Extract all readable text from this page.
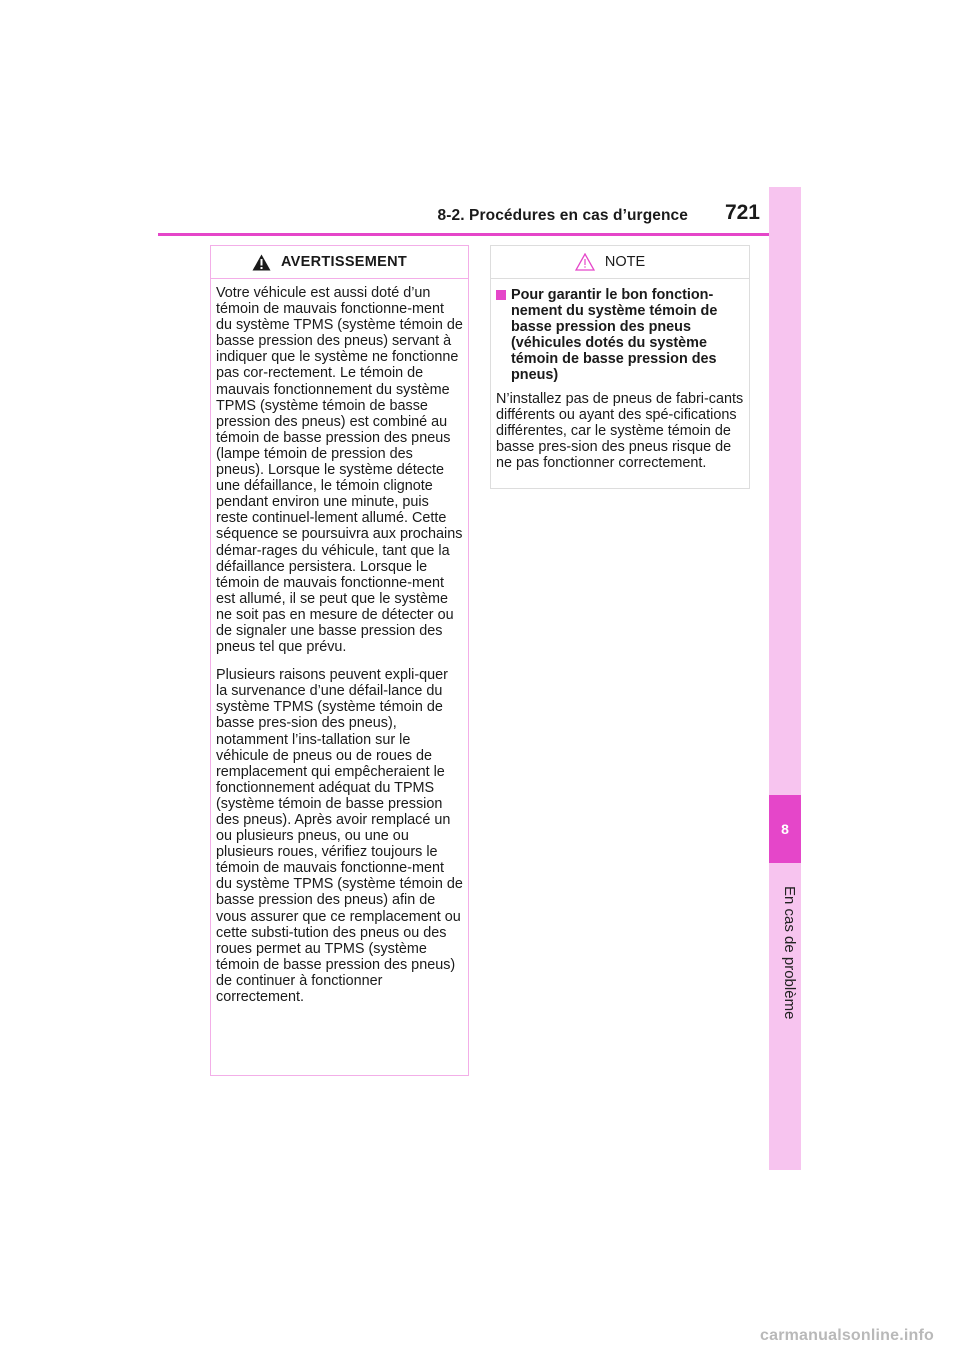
8
En cas de problème
8-2. Procédures en cas d’urgence	721
AVERTISSEMENT

Votre véhicule est aussi doté d’un témoin de mauvais fonctionne-ment du système TPMS (système témoin de basse pression des pneus) servant à indiquer que le système ne fonctionne pas cor-rectement. Le témoin de mauvais fonctionnement du système TPMS (système témoin de basse pression des pneus) est combiné au témoin de basse pression des pneus (lampe témoin de pression des pneus). Lorsque le système détecte une défaillance, le témoin clignote pendant environ une minute, puis reste continuel-lement allumé. Cette séquence se poursuivra aux prochains démar-rages du véhicule, tant que la défaillance persistera. Lorsque le témoin de mauvais fonctionne-ment est allumé, il se peut que le système ne soit pas en mesure de détecter ou de signaler une basse pression des pneus tel que prévu.

Plusieurs raisons peuvent expli-quer la survenance d’une défail-lance du système TPMS (système témoin de basse pres-sion des pneus), notamment l’ins-tallation sur le véhicule de pneus ou de roues de remplacement qui empêcheraient le fonctionnement adéquat du TPMS (système témoin de basse pression des pneus). Après avoir remplacé un ou plusieurs pneus, ou une ou plusieurs roues, vérifiez toujours le témoin de mauvais fonctionne-ment du système TPMS (système témoin de basse pression des pneus) afin de vous assurer que ce remplacement ou cette substi-tution des pneus ou des roues permet au TPMS (système témoin de basse pression des pneus) de continuer à fonctionner correctement.

NOTE
Pour garantir le bon fonction-nement du système témoin de basse pression des pneus (véhicules dotés du système témoin de basse pression des pneus)

N’installez pas de pneus de fabri-cants différents ou ayant des spé-cifications différentes, car le système témoin de basse pres-sion des pneus risque de ne pas fonctionner correctement.

carmanualsonline.info
